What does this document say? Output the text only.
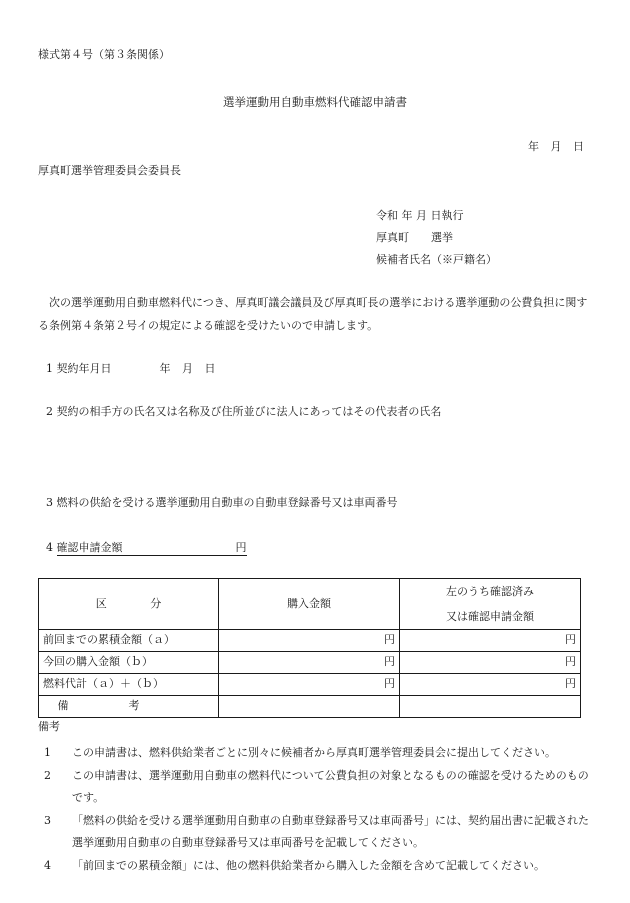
様式第４号（第３条関係）
選挙運動用自動車燃料代確認申請書
年 月 日
厚真町選挙管理委員会委員長
令和 年 月 日執行
厚真町　　選挙
候補者氏名（※戸籍名）
次の選挙運動用自動車燃料代につき、厚真町議会議員及び厚真町長の選挙における選挙運動の公費負担に関する条例第４条第２号イの規定による確認を受けたいので申請します。
1 契約年月日	年 月 日
2 契約の相手方の氏名又は名称及び住所並びに法人にあってはその代表者の氏名
3 燃料の供給を受ける選挙運動用自動車の自動車登録番号又は車両番号
4 確認申請金額	円
区 分	購入金額	左のうち確認済み
又は確認申請金額

前回までの累積金額（ａ）	円	円
今回の購入金額（ｂ）	円	円
燃料代計（ａ）＋（ｂ）	円	円
備考		
備考
1	この申請書は、燃料供給業者ごとに別々に候補者から厚真町選挙管理委員会に提出してください。
2	この申請書は、選挙運動用自動車の燃料代について公費負担の対象となるものの確認を受けるためのものです。
3	「燃料の供給を受ける選挙運動用自動車の自動車登録番号又は車両番号」には、契約届出書に記載された選挙運動用自動車の自動車登録番号又は車両番号を記載してください。
4	「前回までの累積金額」には、他の燃料供給業者から購入した金額を含めて記載してください。
